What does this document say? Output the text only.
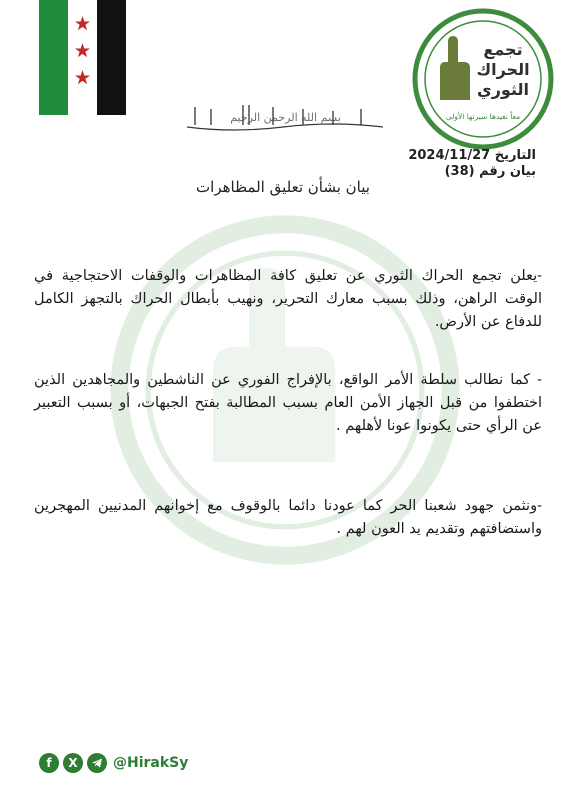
تجمع
الحراك
الثوري
معاً نعيدها سيرتها الأولى
بسم الله الرحمن الرحيم
التاريخ 2024/11/27
بيان رقم (38)
بيان بشأن تعليق المظاهرات
-يعلن تجمع الحراك الثوري عن تعليق كافة المظاهرات والوقفات الاحتجاجية في الوقت الراهن، وذلك بسبب معارك التحرير، ونهيب بأبطال الحراك بالتجهز الكامل للدفاع عن الأرض.
- كما نطالب سلطة الأمر الواقع، بالإفراج الفوري عن الناشطين والمجاهدين الذين اختطفوا من قبل الجهاز الأمن العام بسبب المطالبة بفتح الجبهات، أو بسبب التعبير عن الرأي حتى يكونوا عونا لأهلهم .
-ونثمن جهود شعبنا الحر كما عودنا دائما بالوقوف مع إخوانهم المدنيين المهجرين واستضافتهم وتقديم يد العون لهم .
f	X	@HirakSy
